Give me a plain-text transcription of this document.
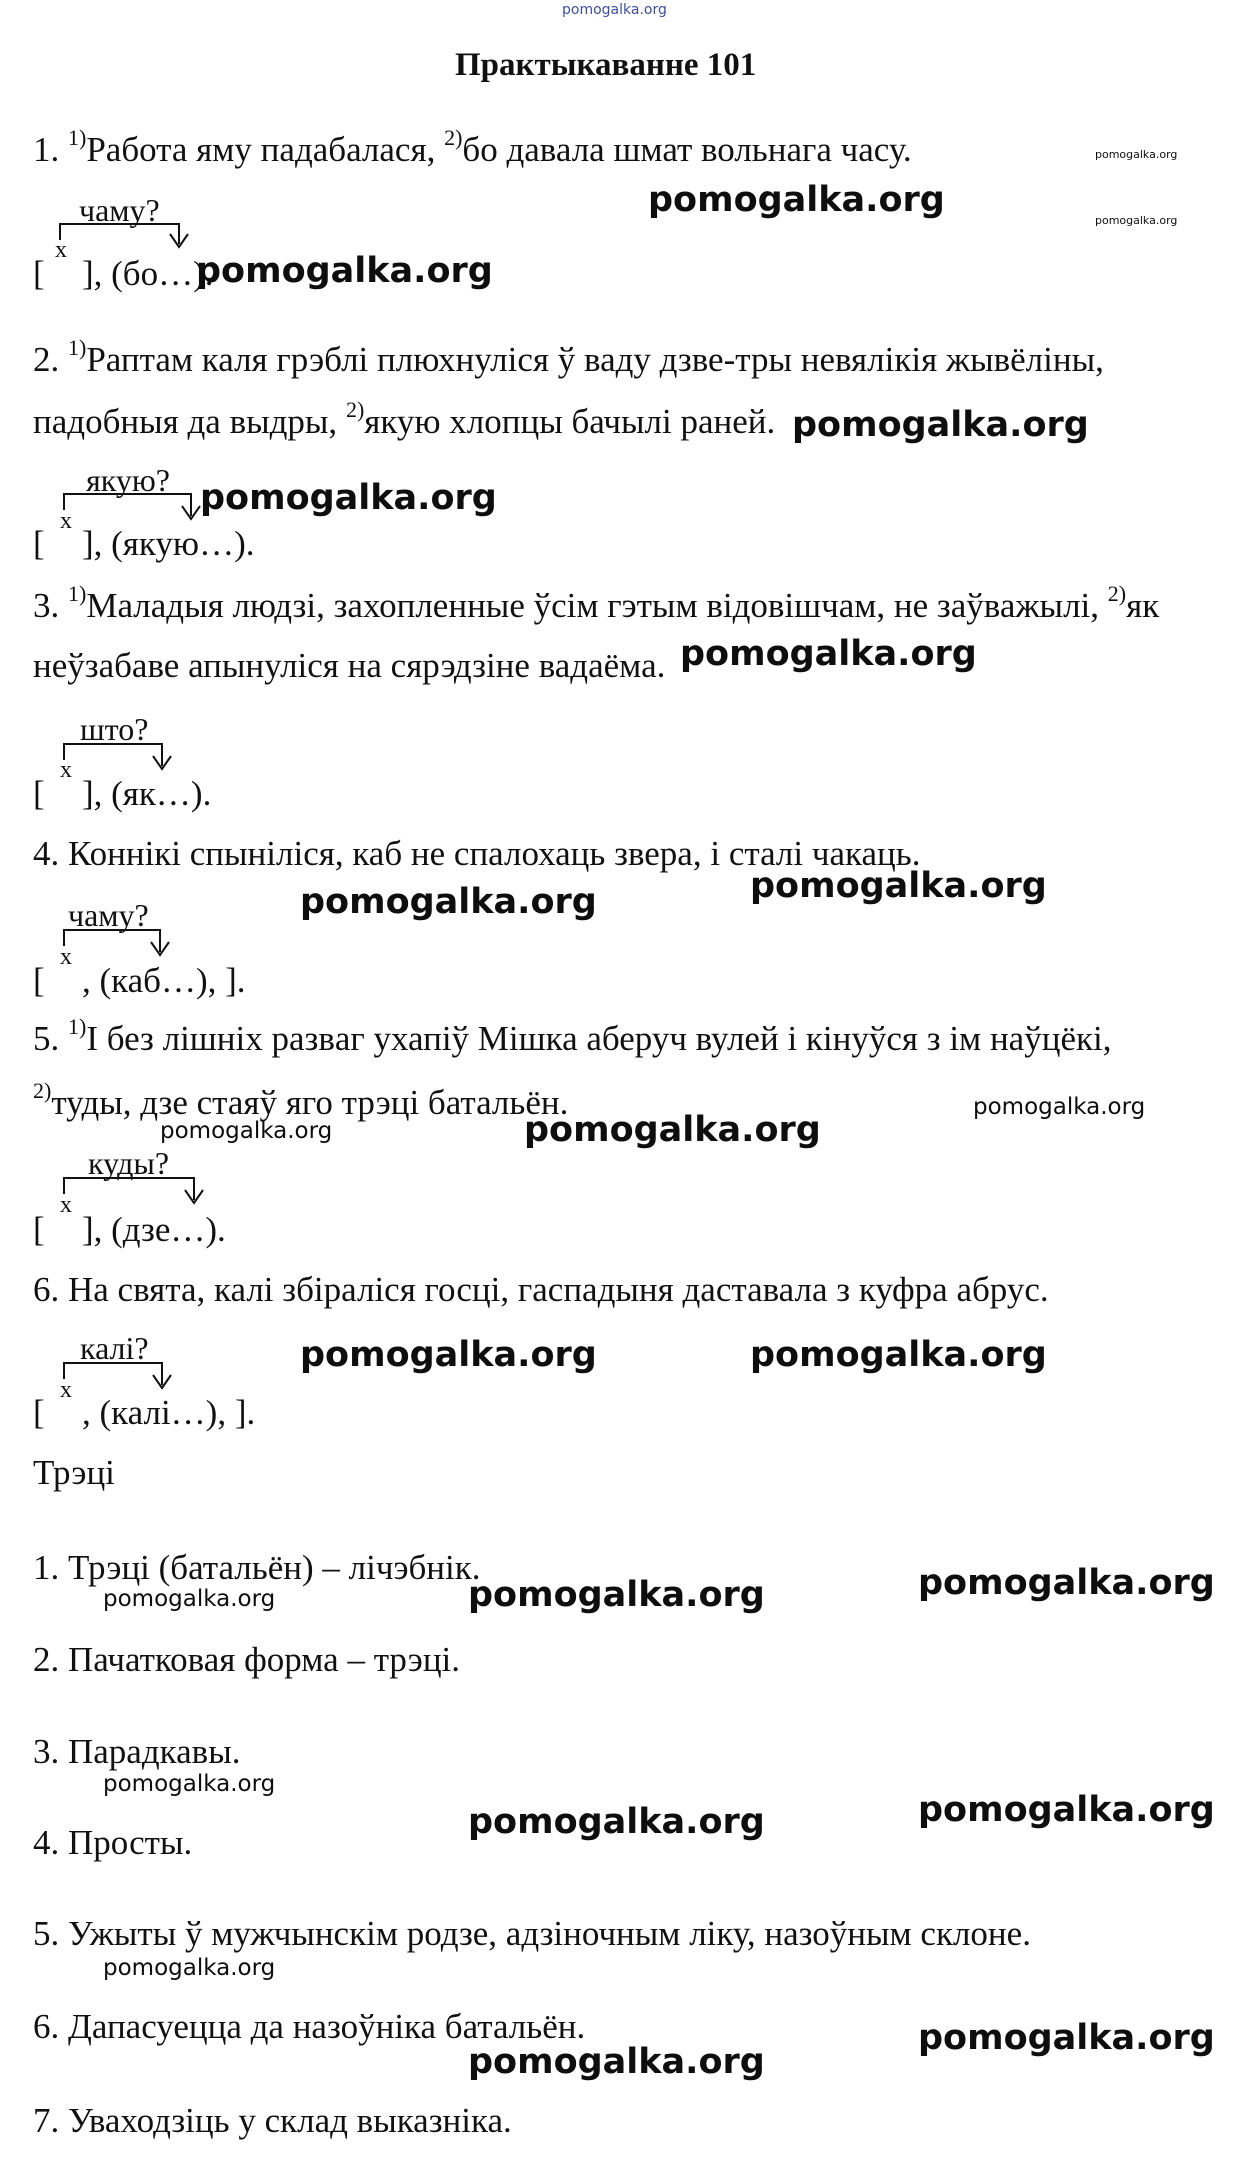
pomogalka.org
Практыкаванне 101
1. $^{1)}$Работа яму падабалася, $^{2)}$бо давала шмат вольнага часу.
чаму?
x
[ ], (бо…).
2. $^{1)}$Раптам каля грэблі плюхнуліся ў ваду дзве-тры невялікія жывёліны,
падобныя да выдры, $^{2)}$якую хлопцы бачылі раней.
якую?
x
[ ], (якую…).
3. $^{1)}$Маладыя людзі, захопленные ўсім гэтым відовішчам, не заўважылі, $^{2)}$як
неўзабаве апынуліся на сярэдзіне вадаёма.
што?
x
[ ], (як…).
4. Коннікі спыніліся, каб не спалохаць звера, і сталі чакаць.
чаму?
x
[ , (каб…), ].
5. $^{1)}$І без лішніх развaг ухапіў Мішка аберуч вулей і кінуўся з ім наўцёкі,
$^{2)}$туды, дзе стаяў яго трэці батальён.
куды?
x
[ ], (дзе…).
6. На свята, калі збіраліся госці, гаспадыня даставала з куфра абрус.
калі?
x
[ , (калі…), ].
Трэці
1. Трэці (батальён) – лічэбнік.
2. Пачатковая форма – трэці.
3. Парадкавы.
4. Просты.
5. Ужыты ў мужчынскім родзе, адзіночным ліку, назоўным склоне.
6. Дапасуецца да назоўніка батальён.
7. Уваходзіць у склад выказніка.
pomogalka.org
pomogalka.org
pomogalka.org
pomogalka.org
pomogalka.org
pomogalka.org
pomogalka.org
pomogalka.org
pomogalka.org	pomogalka.org
pomogalka.org
pomogalka.org
pomogalka.org
pomogalka.org
pomogalka.org
pomogalka.org
pomogalka.org
pomogalka.org
pomogalka.org
pomogalka.org
pomogalka.org
pomogalka.org
pomogalka.org
